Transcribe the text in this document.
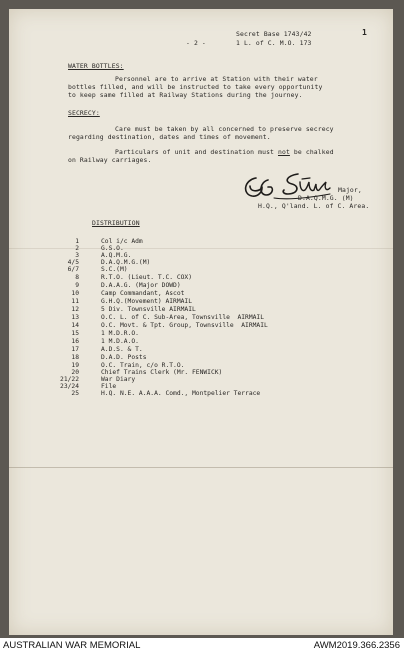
- 2 -
Secret Base 1743/42
1 L. of C. M.O. 173
1
WATER BOTTLES:
Personnel are to arrive at Station with their water
bottles filled, and will be instructed to take every opportunity
to keep same filled at Railway Stations during the journey.
SECRECY:
Care must be taken by all concerned to preserve secrecy
regarding destination, dates and times of movement.
Particulars of unit and destination must not be chalked
on Railway carriages.
Major,
D.A.Q.M.G. (M)
H.Q., Q'land. L. of C. Area.
DISTRIBUTION
1	Col i/c Adm
2	G.S.O.
3	A.Q.M.G.
4/5	D.A.Q.M.G.(M)
6/7	S.C.(M)
8	R.T.O. (Lieut. T.C. COX)
9	D.A.A.G. (Major DOWD)
10	Camp Commandant, Ascot
11	G.H.Q.(Movement) AIRMAIL
12	5 Div. Townsville AIRMAIL
13	O.C. L. of C. Sub-Area, Townsville  AIRMAIL
14	O.C. Movt. & Tpt. Group, Townsville  AIRMAIL
15	1 M.D.R.O.
16	1 M.D.A.O.
17	A.D.S. & T.
18	D.A.D. Posts
19	O.C. Train, c/o R.T.O.
20	Chief Trains Clerk (Mr. FENWICK)
21/22	War Diary
23/24	File
25	H.Q. N.E. A.A.A. Comd., Montpelier Terrace
AUSTRALIAN WAR MEMORIAL	AWM2019.366.2356
